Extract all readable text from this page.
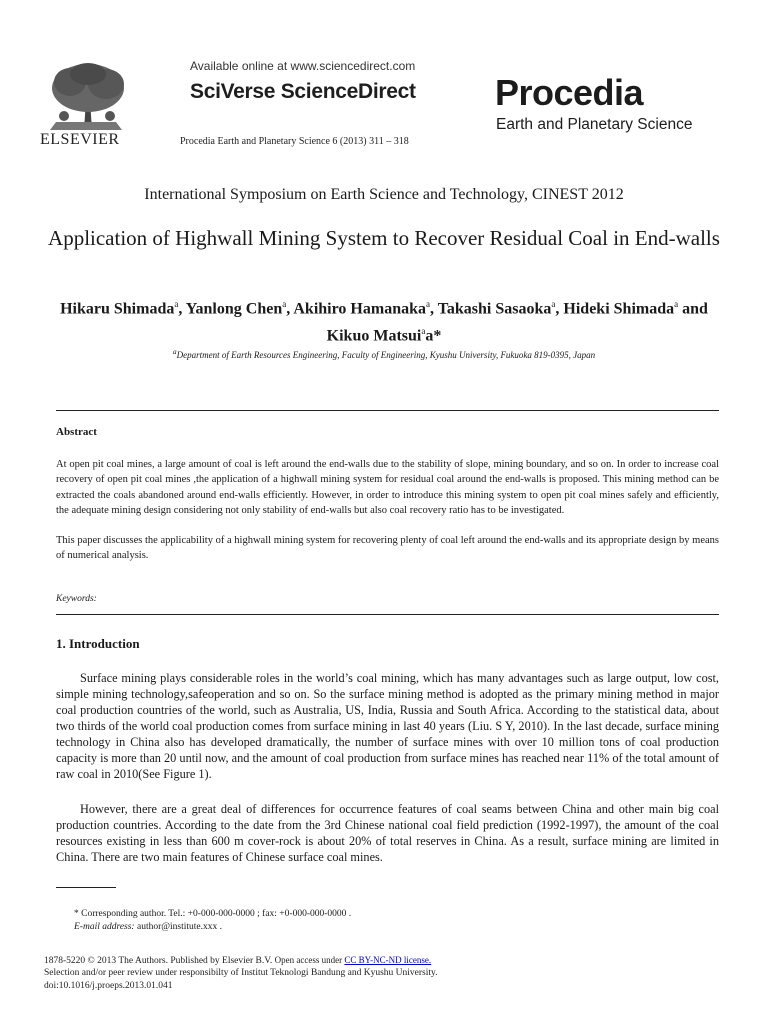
ELSEVIER
Available online at www.sciencedirect.com
SciVerse ScienceDirect
Procedia Earth and Planetary Science 6 (2013) 311 – 318
Procedia
Earth and Planetary Science
International Symposium on Earth Science and Technology, CINEST 2012
Application of Highwall Mining System to Recover Residual Coal in End-walls
Hikaru Shimada$^a$, Yanlong Chen$^a$, Akihiro Hamanaka$^a$, Takashi Sasaoka$^a$, Hideki Shimada$^a$ and Kikuo Matsui$^a$a*
$^a$Department of Earth Resources Engineering, Faculty of Engineering, Kyushu University, Fukuoka 819-0395, Japan
Abstract
At open pit coal mines, a large amount of coal is left around the end-walls due to the stability of slope, mining boundary, and so on. In order to increase coal recovery of open pit coal mines ,the application of a highwall mining system for residual coal around the end-walls is proposed. This mining method can be extracted the coals abandoned around end-walls efficiently. However, in order to introduce this mining system to open pit coal mines safely and efficiently, the adequate mining design considering not only stability of end-walls but also coal recovery ratio has to be investigated.
This paper discusses the applicability of a highwall mining system for recovering plenty of coal left around the end-walls and its appropriate design by means of numerical analysis.
Keywords:
1. Introduction
Surface mining plays considerable roles in the world’s coal mining, which has many advantages such as large output, low cost, simple mining technology,safeoperation and so on. So the surface mining method is adopted as the primary mining method in major coal production countries of the world, such as Australia, US, India, Russia and South Africa. According to the statistical data, about two thirds of the world coal production comes from surface mining in last 40 years (Liu. S Y, 2010). In the last decade, surface mining technology in China also has developed dramatically, the number of surface mines with over 10 million tons of coal production capacity is more than 20 until now, and the amount of coal production from surface mines has reached near 11% of the total amount of raw coal in 2010(See Figure 1).
However, there are a great deal of differences for occurrence features of coal seams between China and other main big coal production countries. According to the date from the 3rd Chinese national coal field prediction (1992-1997), the amount of the coal resources existing in less than 600 m cover-rock is about 20% of total reserves in China. As a result, surface mining are limited in China. There are two main features of Chinese surface coal mines.
* Corresponding author. Tel.: +0-000-000-0000 ; fax: +0-000-000-0000 .
E-mail address: author@institute.xxx .
1878-5220 © 2013 The Authors. Published by Elsevier B.V. Open access under CC BY-NC-ND license.
Selection and/or peer review under responsibilty of Institut Teknologi Bandung and Kyushu University.
doi:10.1016/j.proeps.2013.01.041
